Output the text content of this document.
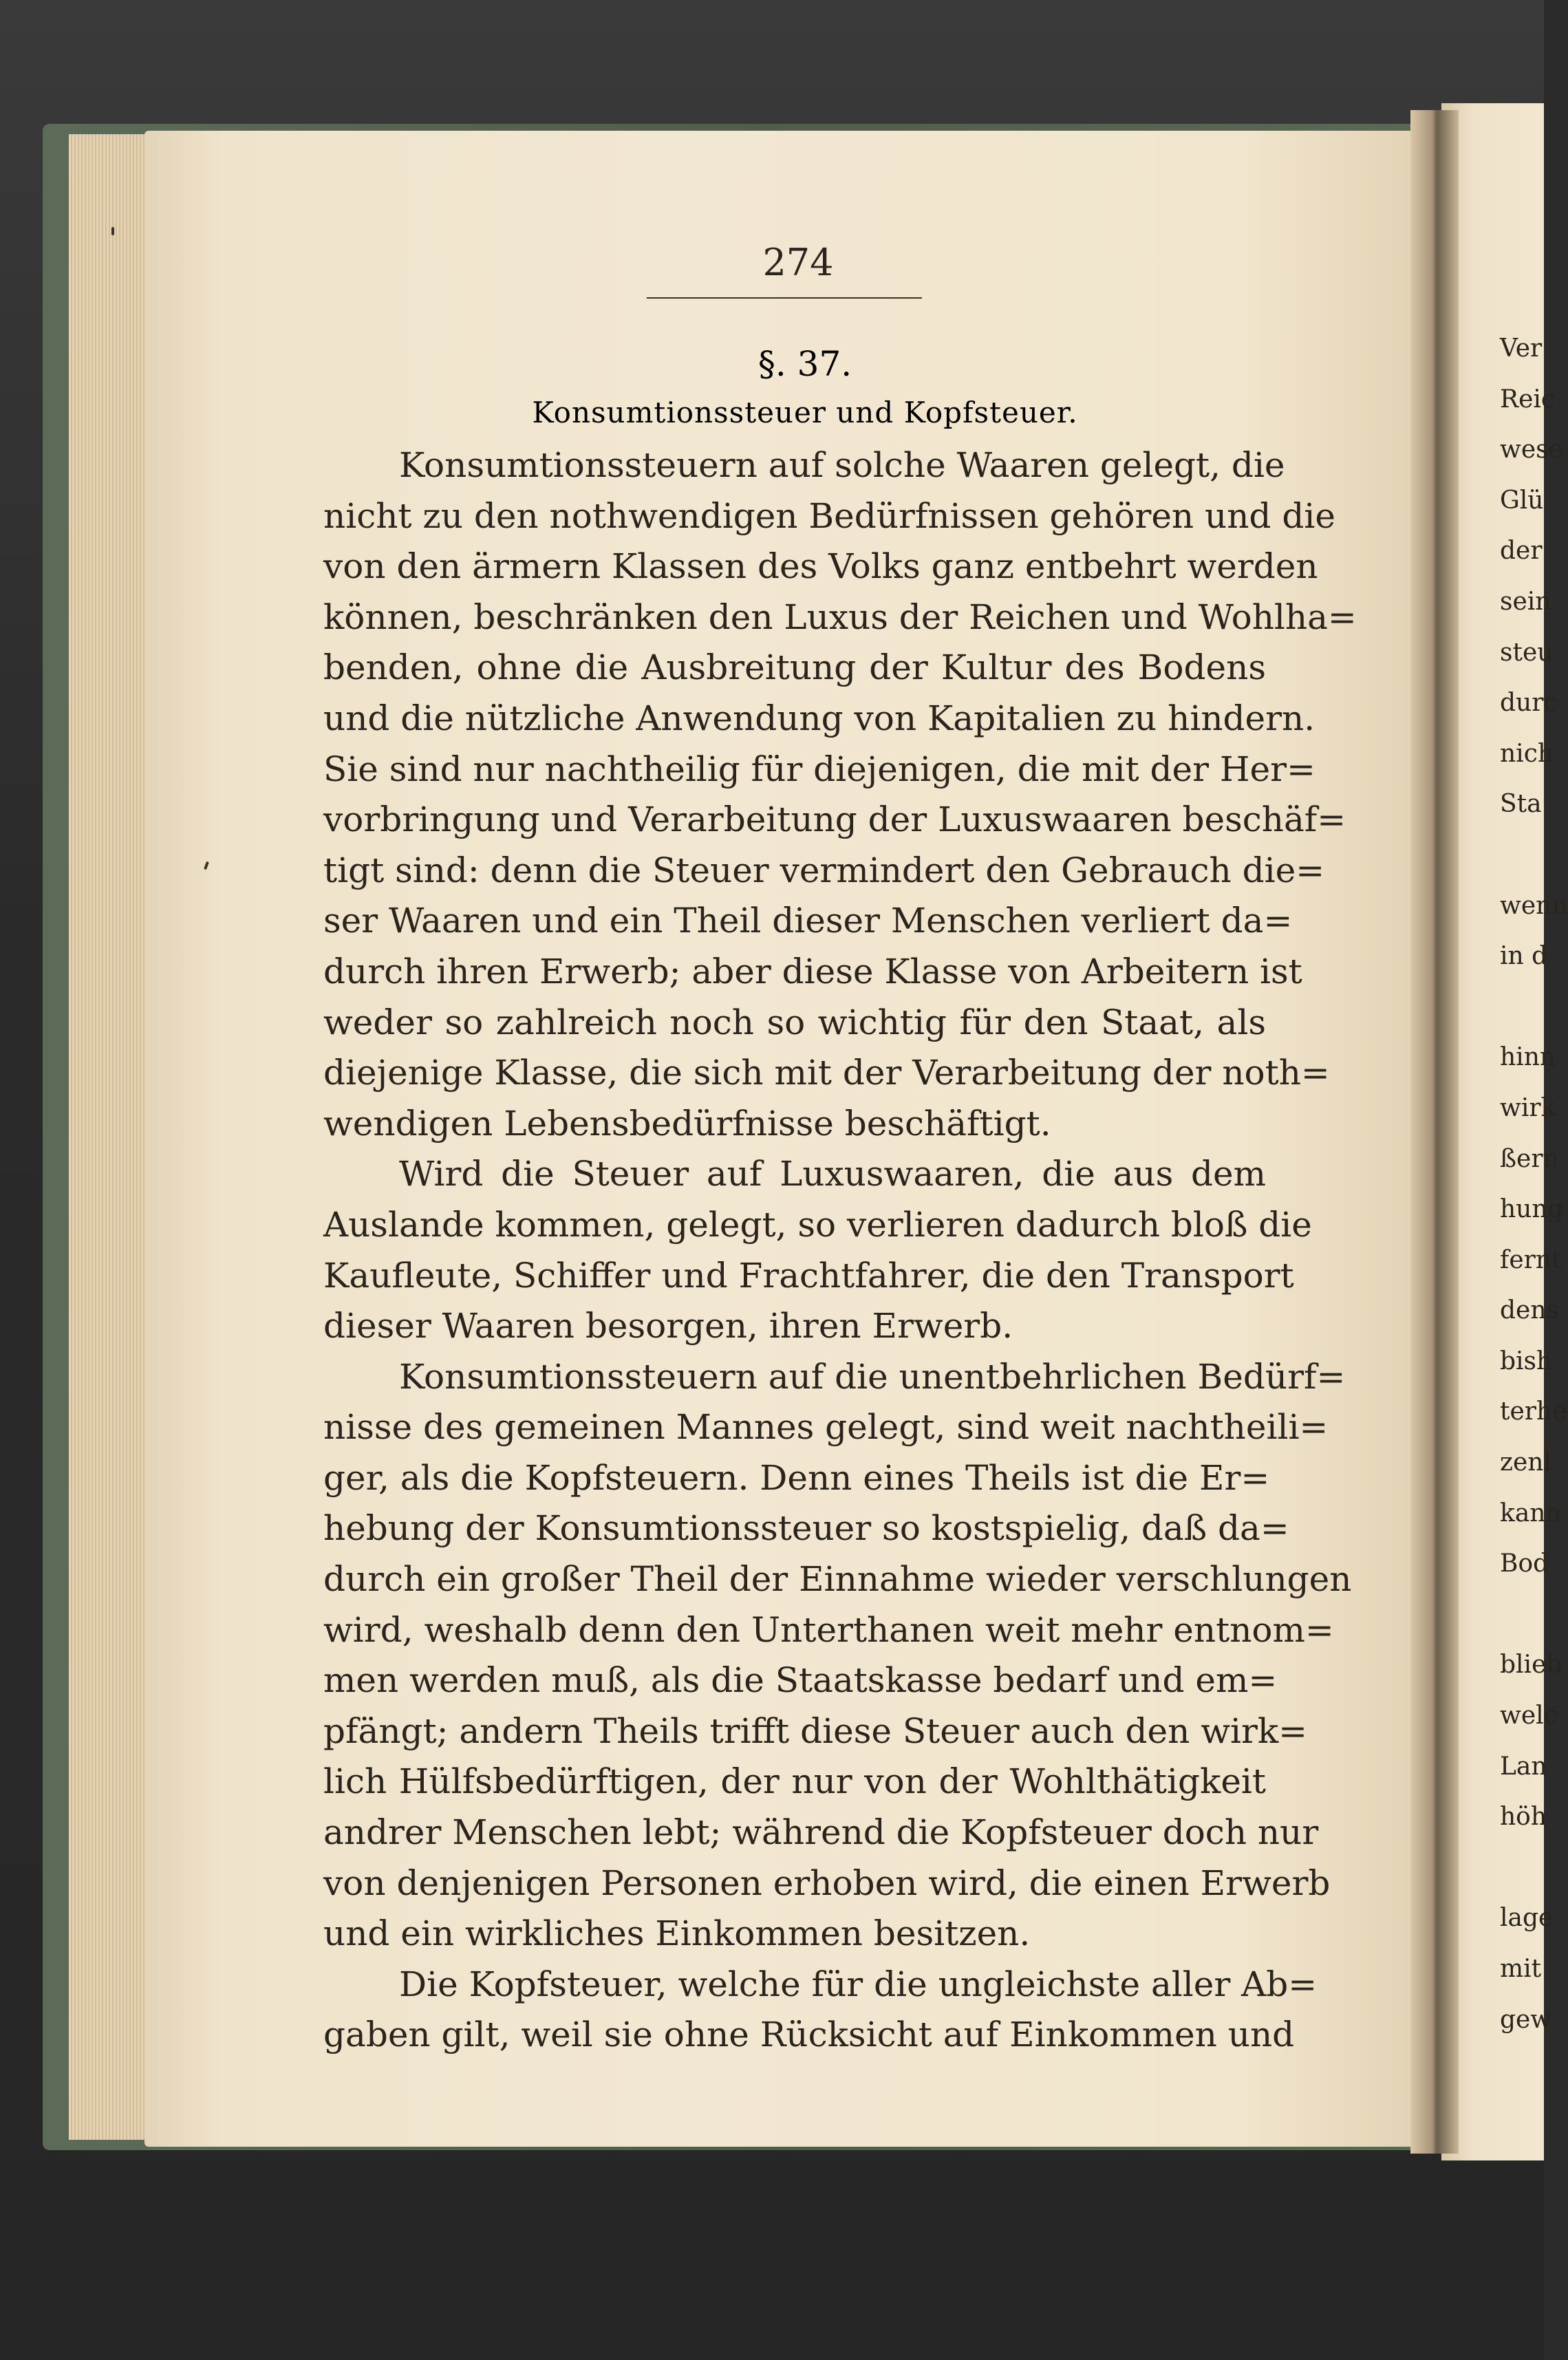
274
§. 37.
Konsumtionssteuer und Kopfsteuer.
Konsumtionssteuern auf solche Waaren gelegt, die
nicht zu den nothwendigen Bedürfnissen gehören und die
von den ärmern Klassen des Volks ganz entbehrt werden
können, beschränken den Luxus der Reichen und Wohlha=
benden, ohne die Ausbreitung der Kultur des Bodens
und die nützliche Anwendung von Kapitalien zu hindern.
Sie sind nur nachtheilig für diejenigen, die mit der Her=
vorbringung und Verarbeitung der Luxuswaaren beschäf=
tigt sind: denn die Steuer vermindert den Gebrauch die=
ser Waaren und ein Theil dieser Menschen verliert da=
durch ihren Erwerb; aber diese Klasse von Arbeitern ist
weder so zahlreich noch so wichtig für den Staat, als
diejenige Klasse, die sich mit der Verarbeitung der noth=
wendigen Lebensbedürfnisse beschäftigt.
Wird die Steuer auf Luxuswaaren, die aus dem
Auslande kommen, gelegt, so verlieren dadurch bloß die
Kaufleute, Schiffer und Frachtfahrer, die den Transport
dieser Waaren besorgen, ihren Erwerb.
Konsumtionssteuern auf die unentbehrlichen Bedürf=
nisse des gemeinen Mannes gelegt, sind weit nachtheili=
ger, als die Kopfsteuern. Denn eines Theils ist die Er=
hebung der Konsumtionssteuer so kostspielig, daß da=
durch ein großer Theil der Einnahme wieder verschlungen
wird, weshalb denn den Unterthanen weit mehr entnom=
men werden muß, als die Staatskasse bedarf und em=
pfängt; andern Theils trifft diese Steuer auch den wirk=
lich Hülfsbedürftigen, der nur von der Wohlthätigkeit
andrer Menschen lebt; während die Kopfsteuer doch nur
von denjenigen Personen erhoben wird, die einen Erwerb
und ein wirkliches Einkommen besitzen.
Die Kopfsteuer, welche für die ungleichste aller Ab=
gaben gilt, weil sie ohne Rücksicht auf Einkommen und
Ver
Reic
wese
Glü
der
sein
steu
durc
nich
Sta

wenn
in d

hinn
wirk
ßern
hung
fernt
dens
bish
terhe
zenl
kann
Bod

blieb
welc
Lan
höh

lage
mit
gew
